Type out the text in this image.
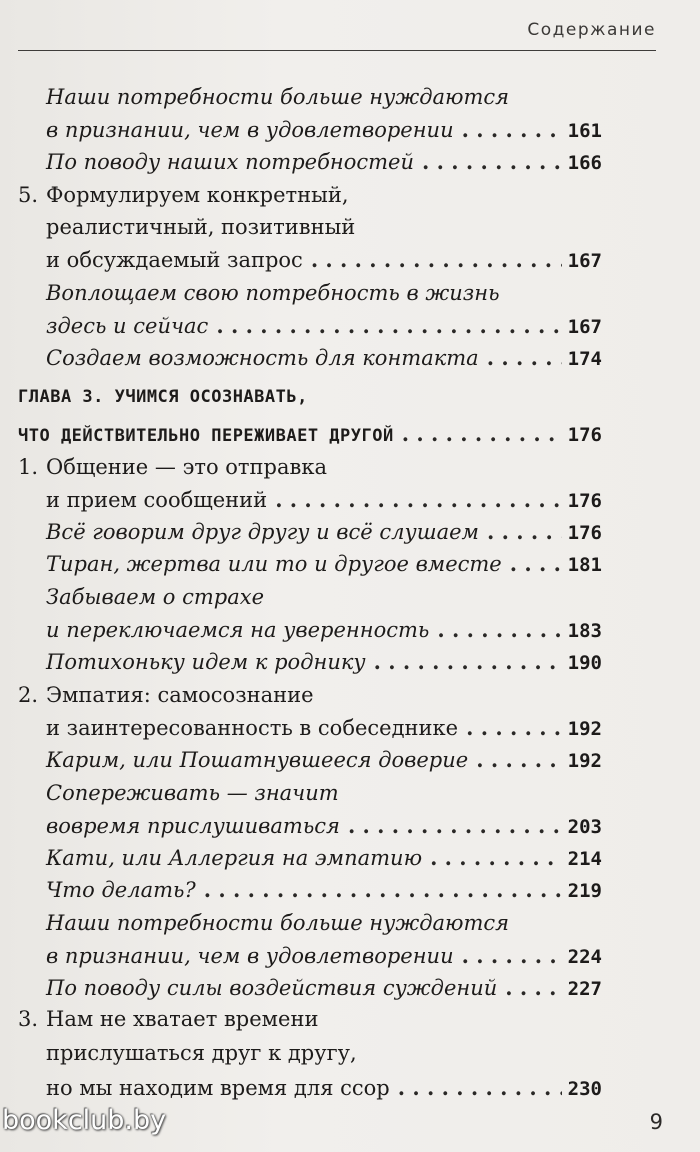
Содержание
Наши потребности больше нуждаются
в признании, чем в удовлетворении . . .	161
По поводу наших потребностей . . .	166
5. Формулируем конкретный,
реалистичный, позитивный
и обсуждаемый запрос . . .	167
Воплощаем свою потребность в жизнь
здесь и сейчас . . .	167
Создаем возможность для контакта . . .	174
ГЛАВА 3. УЧИМСЯ ОСОЗНАВАТЬ,
ЧТО ДЕЙСТВИТЕЛЬНО ПЕРЕЖИВАЕТ ДРУГОЙ . . .	176
1. Общение — это отправка
и прием сообщений . . .	176
Всё говорим друг другу и всё слушаем . . .	176
Тиран, жертва или то и другое вместе . . .	181
Забываем о страхе
и переключаемся на уверенность . . .	183
Потихоньку идем к роднику . . .	190
2. Эмпатия: самосознание
и заинтересованность в собеседнике . . .	192
Карим, или Пошатнувшееся доверие . . .	192
Сопереживать — значит
вовремя прислушиваться . . .	203
Кати, или Аллергия на эмпатию . . .	214
Что делать? . . .	219
Наши потребности больше нуждаются
в признании, чем в удовлетворении . . .	224
По поводу силы воздействия суждений . . .	227
3. Нам не хватает времени
прислушаться друг к другу,
но мы находим время для ссор . . .	230
bookclub.by	9
